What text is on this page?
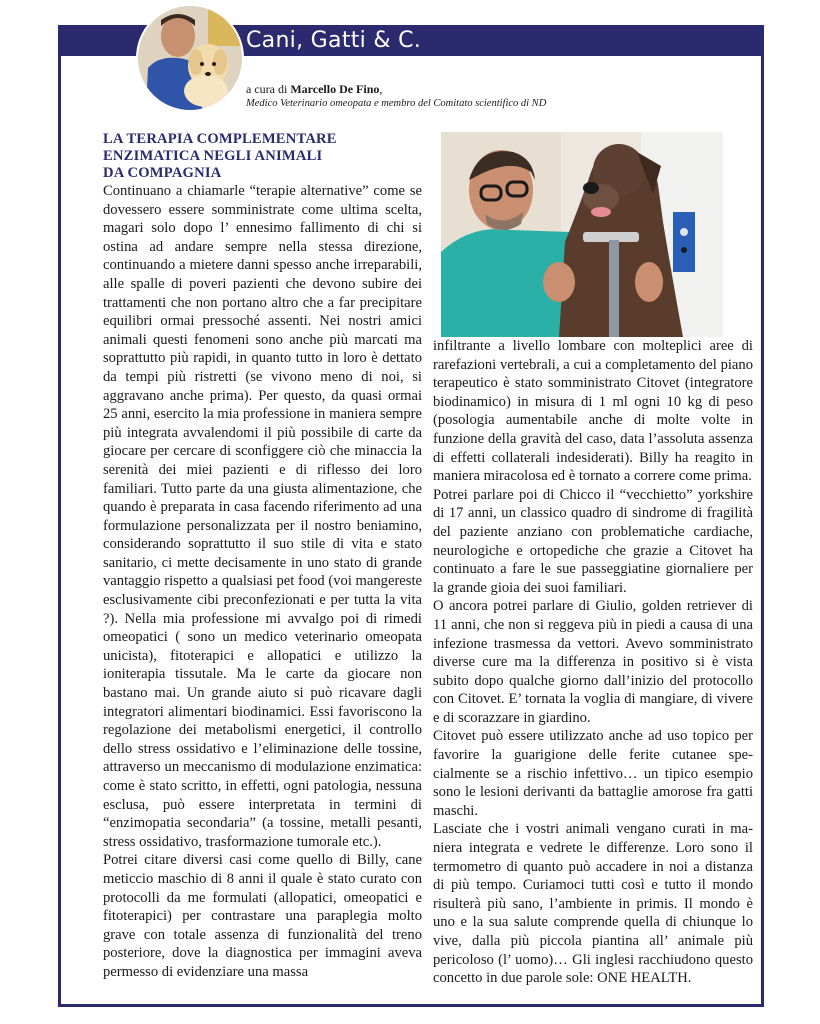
Cani, Gatti & C.
a cura di Marcello De Fino,
Medico Veterinario omeopata e membro del Comitato scientifico di ND
LA TERAPIA COMPLEMENTARE
ENZIMATICA NEGLI ANIMALI
DA COMPAGNIA

Continuano a chiamarle “terapie alternative” come se dovessero essere somministrate come ultima scelta, magari solo dopo l’ ennesimo fallimento di chi si ostina ad andare sempre nella stessa direzione, continuando a mietere danni spesso anche irreparabili, alle spalle di poveri pazienti che devono subire dei trattamenti che non portano altro che a far precipitare equilibri ormai pressoché assenti. Nei nostri amici animali questi fenomeni sono anche più marcati ma soprattutto più rapidi, in quanto tutto in loro è dettato da tempi più ristretti (se vivono meno di noi, si aggravano anche prima). Per questo, da quasi ormai 25 anni, esercito la mia professione in maniera sempre più integrata avvalendomi il più possibile di carte da giocare per cercare di sconfiggere ciò che minaccia la serenità dei miei pazienti e di riflesso dei loro familiari. Tutto parte da una giusta alimentazione, che quando è preparata in casa facendo riferimento ad una formulazione personalizzata per il nostro beniamino, considerando soprattutto il suo stile di vita e stato sanitario, ci mette decisamente in uno stato di grande vantaggio rispetto a qualsiasi pet food (voi mangereste esclusivamente cibi preconfezionati e per tutta la vita ?). Nella mia professione mi avvalgo poi di rimedi omeopatici ( sono un medico veterinario omeopata unicista), fitoterapici e allopatici e utilizzo la ioniterapia tissutale. Ma le carte da giocare non bastano mai. Un grande aiuto si può ricavare dagli integratori alimentari biodinamici. Essi favoriscono la regolazione dei metabolismi energetici, il controllo dello stress ossidativo e l’eliminazione delle tossine, attraverso un meccanismo di modulazione enzimatica: come è stato scritto, in effetti, ogni patologia, nessuna esclusa, può essere interpretata in termini di “enzimopatia secondaria” (a tossine, metalli pesanti, stress ossidativo, trasformazione tumorale etc.).

Potrei citare diversi casi come quello di Billy, cane meticcio maschio di 8 anni il quale è stato curato con protocolli da me formulati (allopatici, omeopatici e fitoterapici) per contrastare una paraplegia molto grave con totale assenza di funzionalità del treno posteriore, dove la diagnostica per immagini aveva permesso di evidenziare una massa

infiltrante a livello lombare con molteplici aree di rarefazioni vertebrali, a cui a completamento del piano terapeutico è stato somministrato Citovet (integratore biodinamico) in misura di 1 ml ogni 10 kg di peso (posologia aumentabile anche di molte volte in funzione della gravità del caso, data l’assoluta assenza di effetti collaterali indesiderati). Billy ha reagito in maniera miracolosa ed è tornato a correre come prima.

Potrei parlare poi di Chicco il “vecchietto” yorkshire di 17 anni, un classico quadro di sindrome di fragilità del paziente anziano con problematiche cardiache, neurologiche e ortopediche che grazie a Citovet ha continuato a fare le sue passeggiatine giornaliere per la grande gioia dei suoi familiari.

O ancora potrei parlare di Giulio, golden retriever di 11 anni, che non si reggeva più in piedi a causa di una infezione trasmessa da vettori. Avevo somministrato diverse cure ma la differenza in positivo si è vista subito dopo qualche giorno dall’inizio del protocollo con Citovet. E’ tornata la voglia di mangiare, di vivere e di scorazzare in giardino.

Citovet può essere utilizzato anche ad uso topico per favorire la guarigione delle ferite cutanee specialmente se a rischio infettivo… un tipico esempio sono le lesioni derivanti da battaglie amorose fra gatti maschi.

Lasciate che i vostri animali vengano curati in maniera integrata e vedrete le differenze. Loro sono il termometro di quanto può accadere in noi a distanza di più tempo. Curiamoci tutti così e tutto il mondo risulterà più sano, l’ambiente in primis. Il mondo è uno e la sua salute comprende quella di chiunque lo vive, dalla più piccola piantina all’ animale più pericoloso (l’ uomo)… Gli inglesi racchiudono questo concetto in due parole sole: ONE HEALTH.
